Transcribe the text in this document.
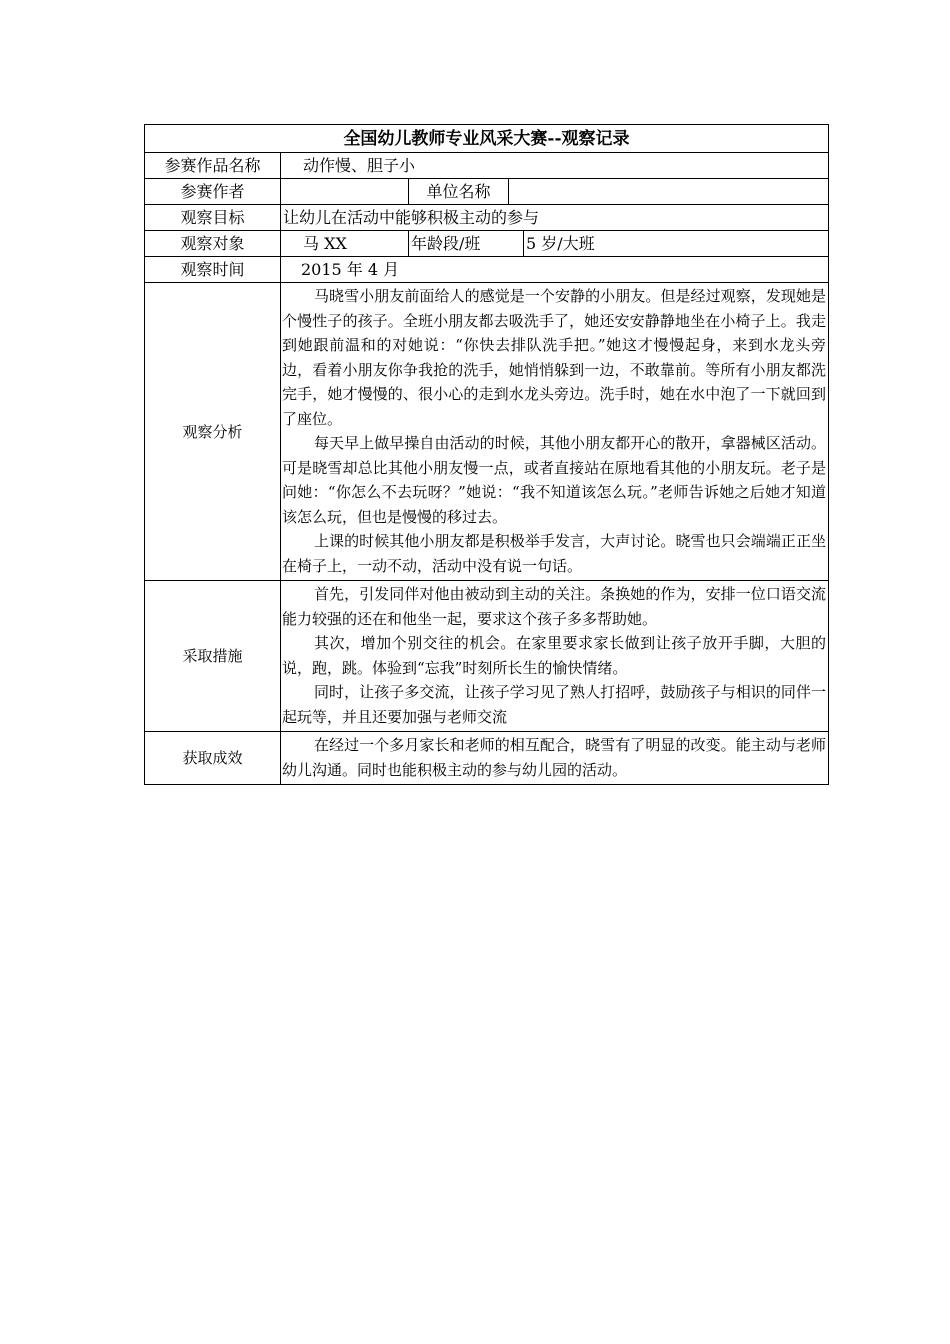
全国幼儿教师专业风采大赛--观察记录				
参赛作品名称	动作慢、胆子小			
参赛作者		单位名称		
观察目标	让幼儿在活动中能够积极主动的参与			
观察对象	马 XX	年龄段/班		5 岁/大班
观察时间	2015 年 4 月			
观察分析	马晓雪小朋友前面给人的感觉是一个安静的小朋友。但是经过观察，发现她是个慢性子的孩子。全班小朋友都去吸洗手了，她还安安静静地坐在小椅子上。我走到她跟前温和的对她说：“你快去排队洗手把。”她这才慢慢起身，来到水龙头旁边，看着小朋友你争我抢的洗手，她悄悄躲到一边，不敢靠前。等所有小朋友都洗完手，她才慢慢的、很小心的走到水龙头旁边。洗手时，她在水中泡了一下就回到了座位。

每天早上做早操自由活动的时候，其他小朋友都开心的散开，拿器械区活动。可是晓雪却总比其他小朋友慢一点，或者直接站在原地看其他的小朋友玩。老子是问她：“你怎么不去玩呀？”她说：“我不知道该怎么玩。”老师告诉她之后她才知道该怎么玩，但也是慢慢的移过去。

上课的时候其他小朋友都是积极举手发言，大声讨论。晓雪也只会端端正正坐在椅子上，一动不动，活动中没有说一句话。			

采取措施	首先，引发同伴对他由被动到主动的关注。条换她的作为，安排一位口语交流能力较强的还在和他坐一起，要求这个孩子多多帮助她。

其次，增加个别交往的机会。在家里要求家长做到让孩子放开手脚，大胆的说，跑，跳。体验到“忘我”时刻所长生的愉快情绪。

同时，让孩子多交流，让孩子学习见了熟人打招呼，鼓励孩子与相识的同伴一起玩等，并且还要加强与老师交流			

获取成效	在经过一个多月家长和老师的相互配合，晓雪有了明显的改变。能主动与老师幼儿沟通。同时也能积极主动的参与幼儿园的活动。			
